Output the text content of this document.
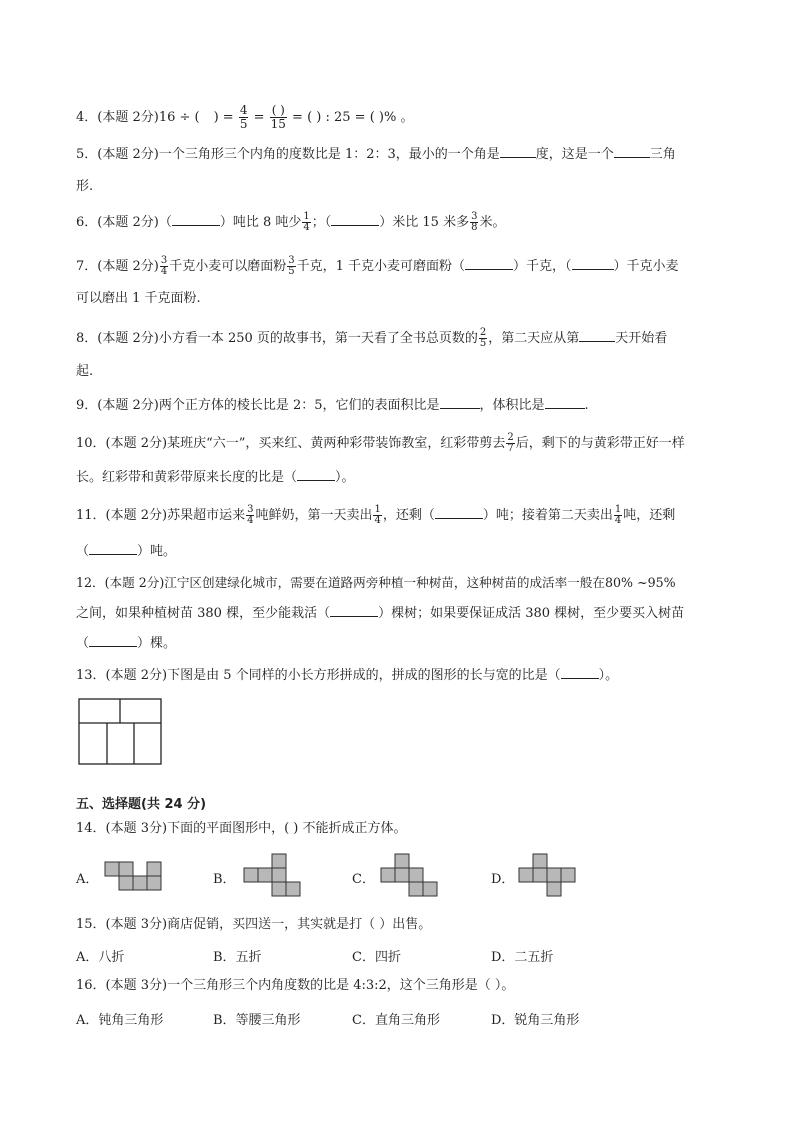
4．(本题 2分)16 ÷ ( ) = $\frac{4}{5} = \frac{( )}{15}$ = ( ) : 25 = ( )% 。
5．(本题 2分)一个三角形三个内角的度数比是 1：2：3，最小的一个角是	度，这是一个	三角
形.
6．(本题 2分)（	）吨比 8 吨少 $\frac{1}{4}$ ；（	）米比 15 米多 $\frac{3}{8}$ 米。
7．(本题 2分) $\frac{3}{4}$ 千克小麦可以磨面粉 $\frac{3}{5}$ 千克，1 千克小麦可磨面粉（	）千克，（	）千克小麦
可以磨出 1 千克面粉.
8．(本题 2分)小方看一本 250 页的故事书，第一天看了全书总页数的 $\frac{2}{5}$ ，第二天应从第	天开始看
起.
9．(本题 2分)两个正方体的棱长比是 2：5，它们的表面积比是	，体积比是	.
10．(本题 2分)某班庆“六一”，买来红、黄两种彩带装饰教室，红彩带剪去 $\frac{2}{7}$ 后，剩下的与黄彩带正好一样
长。红彩带和黄彩带原来长度的比是（	）。
11．(本题 2分)苏果超市运来 $\frac{3}{4}$ 吨鲜奶，第一天卖出 $\frac{1}{4}$ ，还剩（	）吨；接着第二天卖出 $\frac{1}{4}$ 吨，还剩
（	）吨。
12．(本题 2分)江宁区创建绿化城市，需要在道路两旁种植一种树苗，这种树苗的成活率一般在80% ~95%
之间，如果种植树苗 380 棵，至少能栽活（	）棵树；如果要保证成活 380 棵树，至少要买入树苗
（	）棵。
13．(本题 2分)下图是由 5 个同样的小长方形拼成的，拼成的图形的长与宽的比是（	）。
五、选择题(共 24 分)
14．(本题 3分)下面的平面图形中，( ) 不能折成正方体。
A．	B．	C．	D．
15．(本题 3分)商店促销，买四送一，其实就是打（ ）出售。
A．八折	B．五折	C．四折	D．二五折
16．(本题 3分)一个三角形三个内角度数的比是 4:3:2，这个三角形是（ ）。
A．钝角三角形	B．等腰三角形	C．直角三角形	D．锐角三角形
